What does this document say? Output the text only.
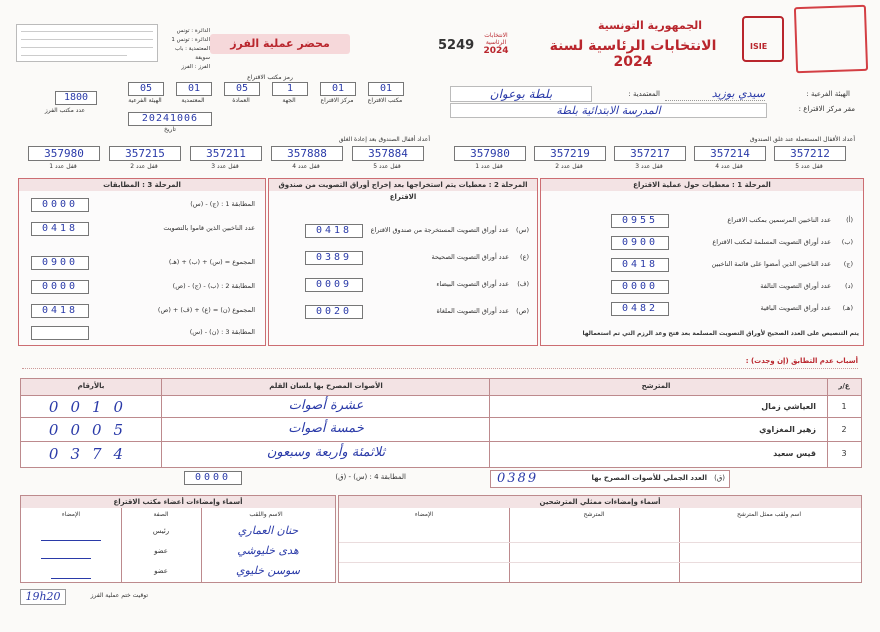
ISIE
الجمهورية التونسية
الانتخابات الرئاسية لسنة 2024
الانتخابات الرئاسية
2024
5249
محضر عملية الفرز
الدائرة : تونس
الدائرة : تونس 1
المعتمدية : باب سويقة
الفرز : الفرز
الهيئة الفرعية :
سيدي بوزيد
المعتمدية :
بلطة بوعوان
مقر مركز الاقتراع :
المدرسة الابتدائية بلطة
رمز مكتب الاقتراع
01
مكتب الاقتراع
01
مركز الاقتراع
1
الجهة
05
العمادة
01
المعتمدية
05
الهيئة الفرعية
1800
عدد مكتب الفرز
20241006
تاريخ
أعداد الأقفال المستعملة عند غلق الصندوق
357212
قفل عدد 5
357214
قفل عدد 4
357217
قفل عدد 3
357219
قفل عدد 2
357980
قفل عدد 1
أعداد أقفال الصندوق بعد إعادة الغلق
357884
قفل عدد 5
357888
قفل عدد 4
357211
قفل عدد 3
357215
قفل عدد 2
357980
قفل عدد 1
المرحلة 1 : معطيات حول عملية الاقتراع
0955	عدد الناخبين المرسمين بمكتب الاقتراع (أ)
0900	عدد أوراق التصويت المسلمة لمكتب الاقتراع (ب)
0418	عدد الناخبين الذين أمضوا على قائمة الناخبين (ج)
0000	عدد أوراق التصويت التالفة (د)
0482	عدد أوراق التصويت الباقية (هـ)
يتم التنصيص على العدد الصحيح لأوراق التصويت المسلمة بعد فتح وعد الرزم التي تم استعمالها
المرحلة 2 : معطيات يتم استخراجها بعد إخراج أوراق التصويت من صندوق الاقتراع
0418	عدد أوراق التصويت المستخرجة من صندوق الاقتراع (س)
0389	عدد أوراق التصويت الصحيحة (ع)
0009	عدد أوراق التصويت البيضاء (ف)
0020	عدد أوراق التصويت الملغاة (ص)
المرحلة 3 : المطابقات
0000	المطابقة 1 : (ج) - (س)
0418	عدد الناخبين الذين قاموا بالتصويت
0900	المجموع = (س) + (ب) + (هـ)
0000	المطابقة 2 : (ب) - (ج) - (ص)
0418	المجموع (ن) = (ع) + (ف) + (ص)
المطابقة 3 : (ن) - (س)
أسباب عدم التطابق (إن وجدت) :
ع/ر
المترشح
الأصوات المصرح بها بلسان القلم
بالأرقام
1
العياشي زمال
عشرة أصوات
0010
2
زهير المغزاوي
خمسة أصوات
0005
3
قيس سعيد
ثلاثمئة وأربعة وسبعون
0374
العدد الجملي للأصوات المصرح بها (ق)
0389
0000	المطابقة 4 : (س) - (ق)
أسماء وإمضاءات أعضاء مكتب الاقتراع
الاسم واللقب
الصفة
الإمضاء
حنان العماري
رئيس
هدى خليوشي
عضو
سوسن خليوي
عضو
أسماء وإمضاءات ممثلي المترشحين
اسم ولقب ممثل المترشح
المترشح
الإمضاء
19h20	توقيت ختم عملية الفرز
